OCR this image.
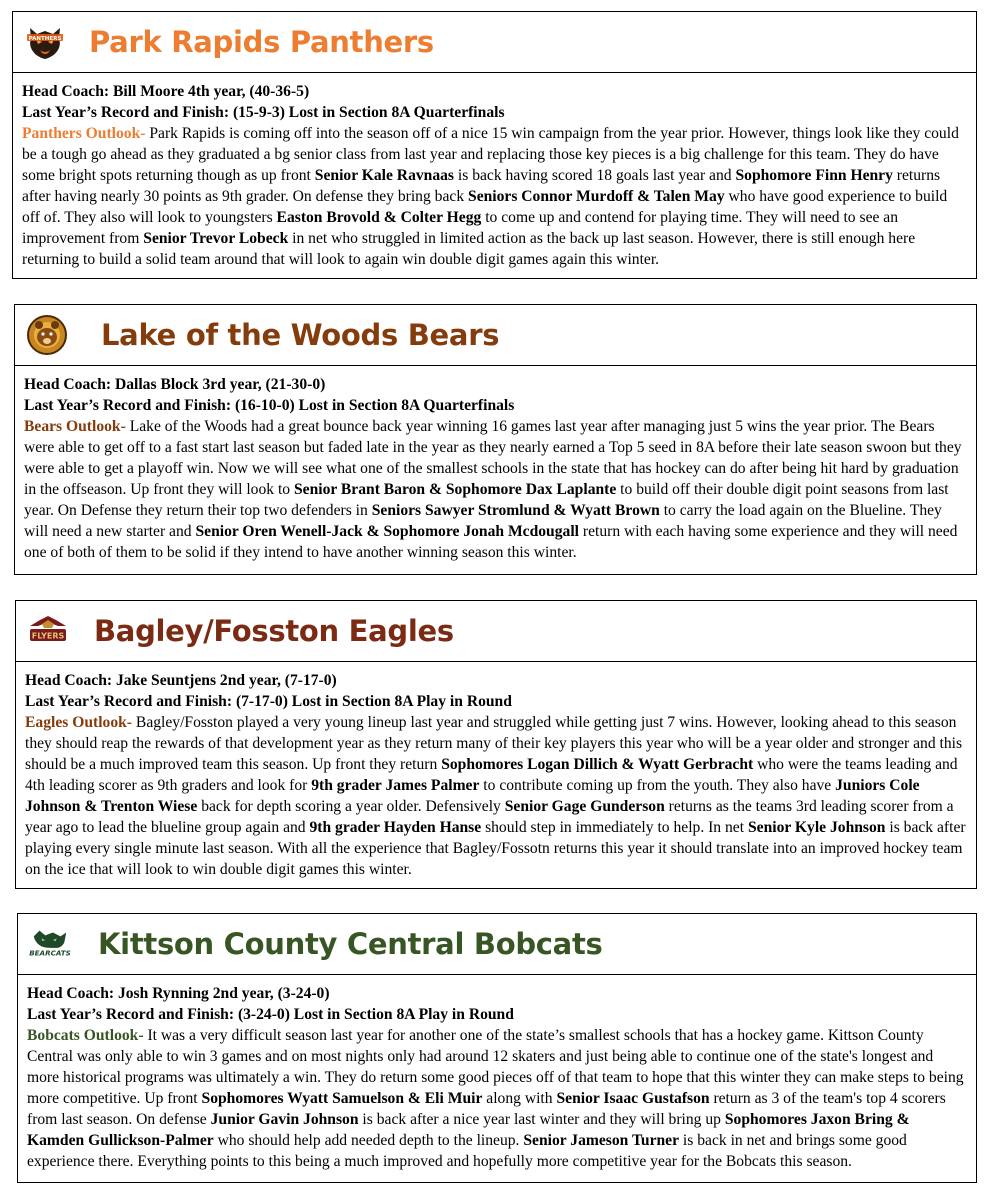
PANTHERS Park Rapids Panthers
Head Coach: Bill Moore 4th year, (40-36-5)
Last Year’s Record and Finish: (15-9-3) Lost in Section 8A Quarterfinals
Panthers Outlook- Park Rapids is coming off into the season off of a nice 15 win campaign from the year prior. However, things look like they could be a tough go ahead as they graduated a bg senior class from last year and replacing those key pieces is a big challenge for this team. They do have some bright spots returning though as up front Senior Kale Ravnaas is back having scored 18 goals last year and Sophomore Finn Henry returns after having nearly 30 points as 9th grader. On defense they bring back Seniors Connor Murdoff & Talen May who have good experience to build off of. They also will look to youngsters Easton Brovold & Colter Hegg to come up and contend for playing time. They will need to see an improvement from Senior Trevor Lobeck in net who struggled in limited action as the back up last season. However, there is still enough here returning to build a solid team around that will look to again win double digit games again this winter.
Lake of the Woods Bears
Head Coach: Dallas Block 3rd year, (21-30-0)
Last Year’s Record and Finish: (16-10-0) Lost in Section 8A Quarterfinals
Bears Outlook- Lake of the Woods had a great bounce back year winning 16 games last year after managing just 5 wins the year prior. The Bears were able to get off to a fast start last season but faded late in the year as they nearly earned a Top 5 seed in 8A before their late season swoon but they were able to get a playoff win. Now we will see what one of the smallest schools in the state that has hockey can do after being hit hard by graduation in the offseason. Up front they will look to Senior Brant Baron & Sophomore Dax Laplante to build off their double digit point seasons from last year. On Defense they return their top two defenders in Seniors Sawyer Stromlund & Wyatt Brown to carry the load again on the Blueline. They will need a new starter and Senior Oren Wenell-Jack & Sophomore Jonah Mcdougall return with each having some experience and they will need one of both of them to be solid if they intend to have another winning season this winter.
FLYERS Bagley/Fosston Eagles
Head Coach: Jake Seuntjens 2nd year, (7-17-0)
Last Year’s Record and Finish: (7-17-0) Lost in Section 8A Play in Round
Eagles Outlook- Bagley/Fosston played a very young lineup last year and struggled while getting just 7 wins. However, looking ahead to this season they should reap the rewards of that development year as they return many of their key players this year who will be a year older and stronger and this should be a much improved team this season. Up front they return Sophomores Logan Dillich & Wyatt Gerbracht who were the teams leading and 4th leading scorer as 9th graders and look for 9th grader James Palmer to contribute coming up from the youth. They also have Juniors Cole Johnson & Trenton Wiese back for depth scoring a year older. Defensively Senior Gage Gunderson returns as the teams 3rd leading scorer from a year ago to lead the blueline group again and 9th grader Hayden Hanse should step in immediately to help. In net Senior Kyle Johnson is back after playing every single minute last season. With all the experience that Bagley/Fossotn returns this year it should translate into an improved hockey team on the ice that will look to win double digit games this winter.
BEARCATS Kittson County Central Bobcats
Head Coach: Josh Rynning 2nd year, (3-24-0)
Last Year’s Record and Finish: (3-24-0) Lost in Section 8A Play in Round
Bobcats Outlook- It was a very difficult season last year for another one of the state’s smallest schools that has a hockey game. Kittson County Central was only able to win 3 games and on most nights only had around 12 skaters and just being able to continue one of the state's longest and more historical programs was ultimately a win. They do return some good pieces off of that team to hope that this winter they can make steps to being more competitive. Up front Sophomores Wyatt Samuelson & Eli Muir along with Senior Isaac Gustafson return as 3 of the team's top 4 scorers from last season. On defense Junior Gavin Johnson is back after a nice year last winter and they will bring up Sophomores Jaxon Bring & Kamden Gullickson-Palmer who should help add needed depth to the lineup. Senior Jameson Turner is back in net and brings some good experience there. Everything points to this being a much improved and hopefully more competitive year for the Bobcats this season.
